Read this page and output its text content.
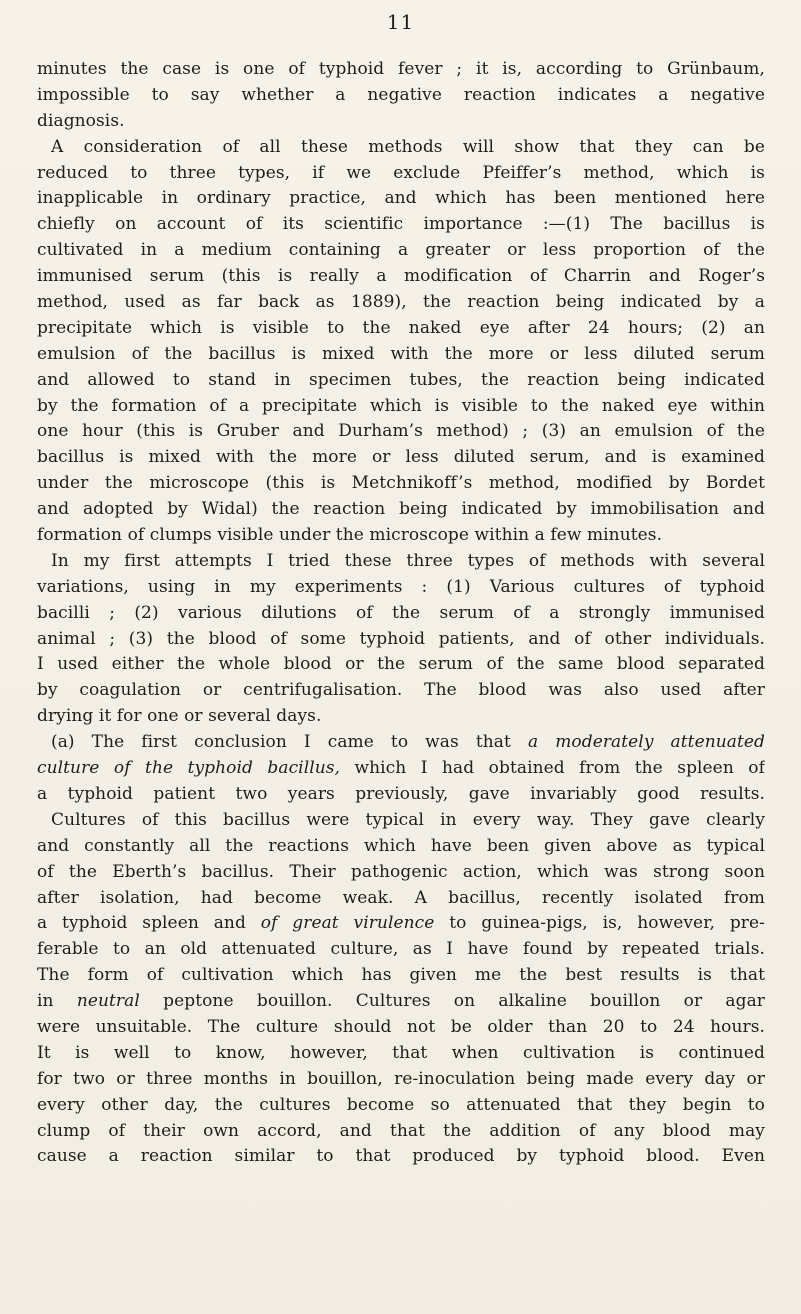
11
minutes the case is one of typhoid fever ; it is, according to Grünbaum,
impossible to say whether a negative reaction indicates a negative
diagnosis.
A consideration of all these methods will show that they can be
reduced to three types, if we exclude Pfeiffer’s method, which is
inapplicable in ordinary practice, and which has been mentioned here
chiefly on account of its scientific importance :—(1) The bacillus is
cultivated in a medium containing a greater or less proportion of the
immunised serum (this is really a modification of Charrin and Roger’s
method, used as far back as 1889), the reaction being indicated by a
precipitate which is visible to the naked eye after 24 hours; (2) an
emulsion of the bacillus is mixed with the more or less diluted serum
and allowed to stand in specimen tubes, the reaction being indicated
by the formation of a precipitate which is visible to the naked eye within
one hour (this is Gruber and Durham’s method) ; (3) an emulsion of the
bacillus is mixed with the more or less diluted serum, and is examined
under the microscope (this is Metchnikoff’s method, modified by Bordet
and adopted by Widal) the reaction being indicated by immobilisation and
formation of clumps visible under the microscope within a few minutes.
In my first attempts I tried these three types of methods with several
variations, using in my experiments : (1) Various cultures of typhoid
bacilli ; (2) various dilutions of the serum of a strongly immunised
animal ; (3) the blood of some typhoid patients, and of other individuals.
I used either the whole blood or the serum of the same blood separated
by coagulation or centrifugalisation. The blood was also used after
drying it for one or several days.
(a) The first conclusion I came to was that a moderately attenuated
culture of the typhoid bacillus, which I had obtained from the spleen of
a typhoid patient two years previously, gave invariably good results.
Cultures of this bacillus were typical in every way. They gave clearly
and constantly all the reactions which have been given above as typical
of the Eberth’s bacillus. Their pathogenic action, which was strong soon
after isolation, had become weak. A bacillus, recently isolated from
a typhoid spleen and of great virulence to guinea-pigs, is, however, pre-
ferable to an old attenuated culture, as I have found by repeated trials.
The form of cultivation which has given me the best results is that
in neutral peptone bouillon. Cultures on alkaline bouillon or agar
were unsuitable. The culture should not be older than 20 to 24 hours.
It is well to know, however, that when cultivation is continued
for two or three months in bouillon, re-inoculation being made every day or
every other day, the cultures become so attenuated that they begin to
clump of their own accord, and that the addition of any blood may
cause a reaction similar to that produced by typhoid blood. Even
